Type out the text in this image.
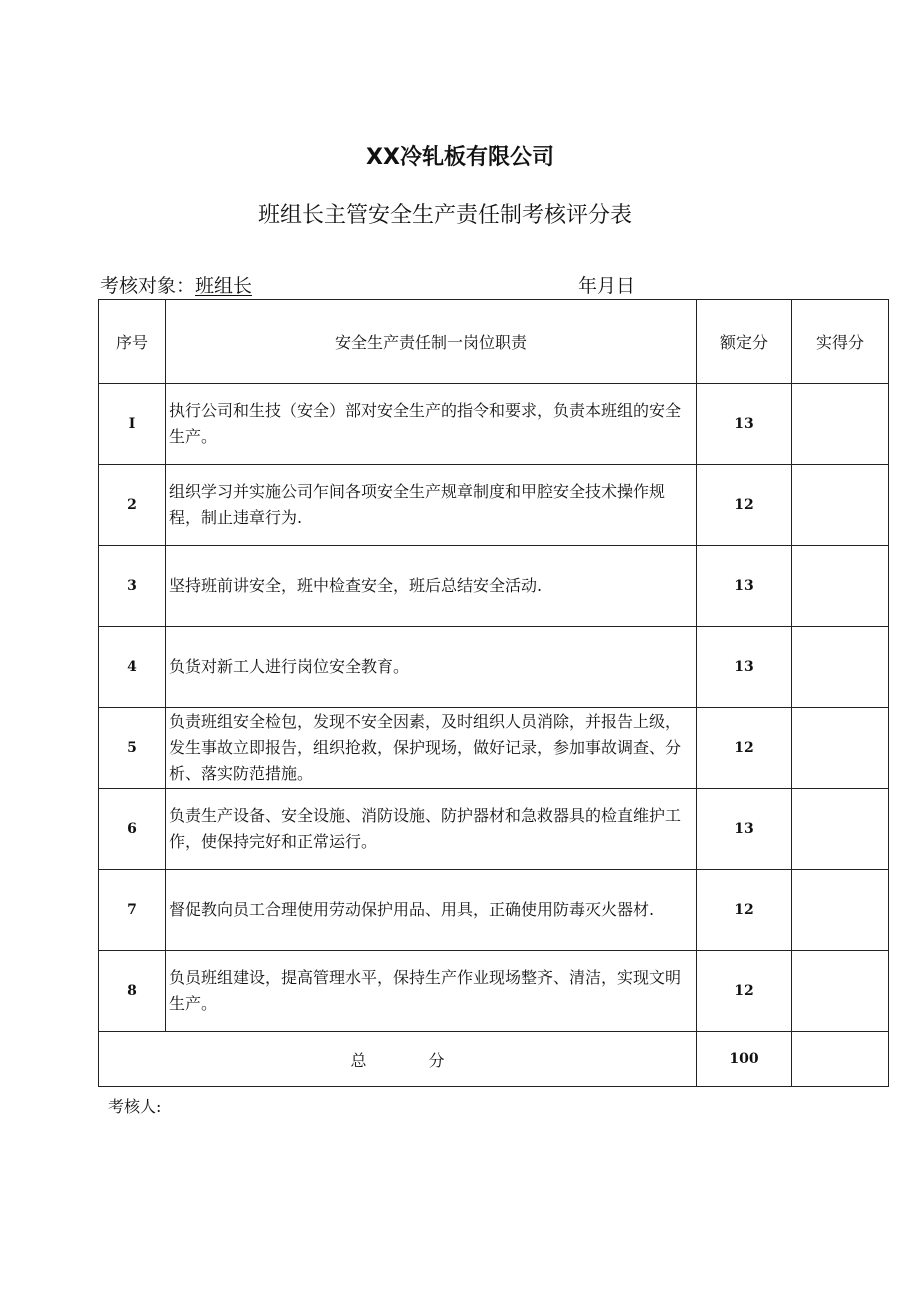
XX冷轧板有限公司
班组长主管安全生产责任制考核评分表
考核对象：班组长	年月日
序号	安全生产责任制一岗位职责	额定分	实得分
I	执行公司和生技（安全）部对安全生产的指令和要求，负责本班组的安全生产。	13	
2	组织学习并实施公司乍间各项安全生产规章制度和甲腔安全技术操作规程，制止违章行为.	12	
3	坚持班前讲安全，班中检查安全，班后总结安全活动.	13	
4	负货对新工人进行岗位安全教育。	13	
5	负责班组安全检包，发现不安全因素，及时组织人员消除，并报告上级，发生事故立即报告，组织抢救，保护现场，做好记录，参加事故调查、分析、落实防范措施。	12	
6	负责生产设备、安全设施、消防设施、防护器材和急救器具的检直维护工作，使保持完好和正常运行。	13	
7	督促教向员工合理使用劳动保护用品、用具，正确使用防毒灭火器材.	12	
8	负员班组建设，提高管理水平，保持生产作业现场整齐、清洁，实现文明生产。	12	
总 分		100	
考核人:
